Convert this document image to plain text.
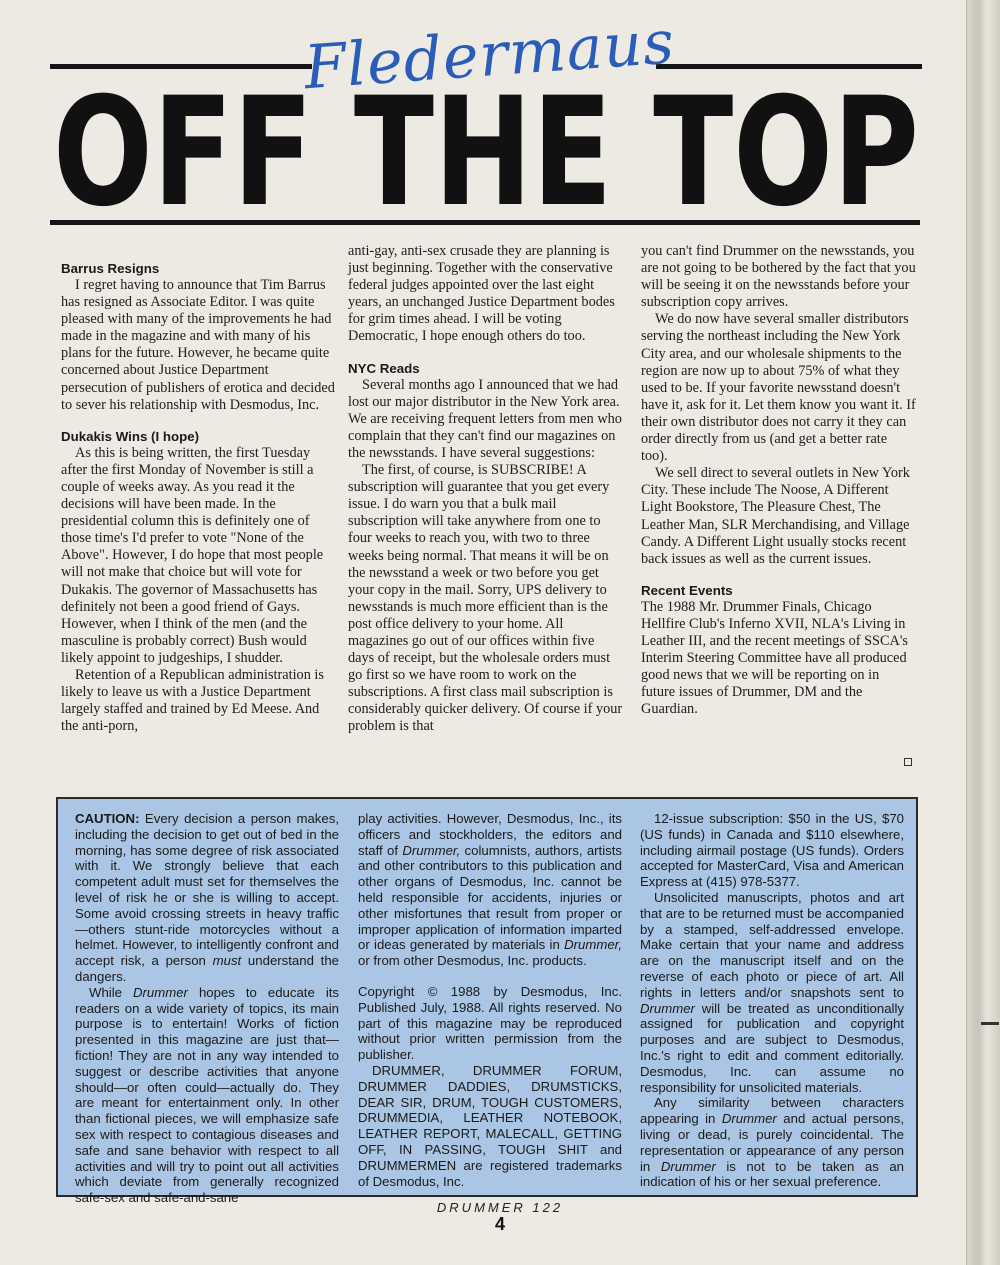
Fledermaus
OFF THE TOP
Barrus Resigns

I regret having to announce that Tim Barrus has resigned as Associate Editor. I was quite pleased with many of the improvements he had made in the magazine and with many of his plans for the future. However, he became quite concerned about Justice Department persecution of publishers of erotica and decided to sever his relationship with Desmodus, Inc.

Dukakis Wins (I hope)

As this is being written, the first Tuesday after the first Monday of November is still a couple of weeks away. As you read it the decisions will have been made. In the presidential column this is definitely one of those time's I'd prefer to vote "None of the Above". However, I do hope that most people will not make that choice but will vote for Dukakis. The governor of Massachusetts has definitely not been a good friend of Gays. However, when I think of the men (and the masculine is probably correct) Bush would likely appoint to judgeships, I shudder.

Retention of a Republican administration is likely to leave us with a Justice Department largely staffed and trained by Ed Meese. And the anti-porn,

anti-gay, anti-sex crusade they are planning is just beginning. Together with the conservative federal judges appointed over the last eight years, an unchanged Justice Department bodes for grim times ahead. I will be voting Democratic, I hope enough others do too.

NYC Reads

Several months ago I announced that we had lost our major distributor in the New York area. We are receiving frequent letters from men who complain that they can't find our magazines on the newsstands. I have several suggestions:

The first, of course, is SUBSCRIBE! A subscription will guarantee that you get every issue. I do warn you that a bulk mail subscription will take anywhere from one to four weeks to reach you, with two to three weeks being normal. That means it will be on the newsstand a week or two before you get your copy in the mail. Sorry, UPS delivery to newsstands is much more efficient than is the post office delivery to your home. All magazines go out of our offices within five days of receipt, but the wholesale orders must go first so we have room to work on the subscriptions. A first class mail subscription is considerably quicker delivery. Of course if your problem is that

you can't find Drummer on the newsstands, you are not going to be bothered by the fact that you will be seeing it on the newsstands before your subscription copy arrives.

We do now have several smaller distributors serving the northeast including the New York City area, and our wholesale shipments to the region are now up to about 75% of what they used to be. If your favorite newsstand doesn't have it, ask for it. Let them know you want it. If their own distributor does not carry it they can order directly from us (and get a better rate too).

We sell direct to several outlets in New York City. These include The Noose, A Different Light Bookstore, The Pleasure Chest, The Leather Man, SLR Merchandising, and Village Candy. A Different Light usually stocks recent back issues as well as the current issues.

Recent Events

The 1988 Mr. Drummer Finals, Chicago Hellfire Club's Inferno XVII, NLA's Living in Leather III, and the recent meetings of SSCA's Interim Steering Committee have all produced good news that we will be reporting on in future issues of Drummer, DM and the Guardian.

CAUTION: Every decision a person makes, including the decision to get out of bed in the morning, has some degree of risk associated with it. We strongly believe that each competent adult must set for themselves the level of risk he or she is willing to accept. Some avoid crossing streets in heavy traffic—others stunt-ride motorcycles without a helmet. However, to intelligently confront and accept risk, a person must understand the dangers.

While Drummer hopes to educate its readers on a wide variety of topics, its main purpose is to entertain! Works of fiction presented in this magazine are just that—fiction! They are not in any way intended to suggest or describe activities that anyone should—or often could—actually do. They are meant for entertainment only. In other than fictional pieces, we will emphasize safe sex with respect to contagious diseases and safe and sane behavior with respect to all activities and will try to point out all activities which deviate from generally recognized safe-sex and safe-and-sane

play activities. However, Desmodus, Inc., its officers and stockholders, the editors and staff of Drummer, columnists, authors, artists and other contributors to this publication and other organs of Desmodus, Inc. cannot be held responsible for accidents, injuries or other misfortunes that result from proper or improper application of information imparted or ideas generated by materials in Drummer, or from other Desmodus, Inc. products.

Copyright © 1988 by Desmodus, Inc. Published July, 1988. All rights reserved. No part of this magazine may be reproduced without prior written permission from the publisher.

DRUMMER, DRUMMER FORUM, DRUMMER DADDIES, DRUMSTICKS, DEAR SIR, DRUM, TOUGH CUSTOMERS, DRUMMEDIA, LEATHER NOTEBOOK, LEATHER REPORT, MALECALL, GETTING OFF, IN PASSING, TOUGH SHIT and DRUMMERMEN are registered trademarks of Desmodus, Inc.

12-issue subscription: $50 in the US, $70 (US funds) in Canada and $110 elsewhere, including airmail postage (US funds). Orders accepted for MasterCard, Visa and American Express at (415) 978-5377.

Unsolicited manuscripts, photos and art that are to be returned must be accompanied by a stamped, self-addressed envelope. Make certain that your name and address are on the manuscript itself and on the reverse of each photo or piece of art. All rights in letters and/or snapshots sent to Drummer will be treated as unconditionally assigned for publication and copyright purposes and are subject to Desmodus, Inc.'s right to edit and comment editorially. Desmodus, Inc. can assume no responsibility for unsolicited materials.

Any similarity between characters appearing in Drummer and actual persons, living or dead, is purely coincidental. The representation or appearance of any person in Drummer is not to be taken as an indication of his or her sexual preference.

DRUMMER 122
4
